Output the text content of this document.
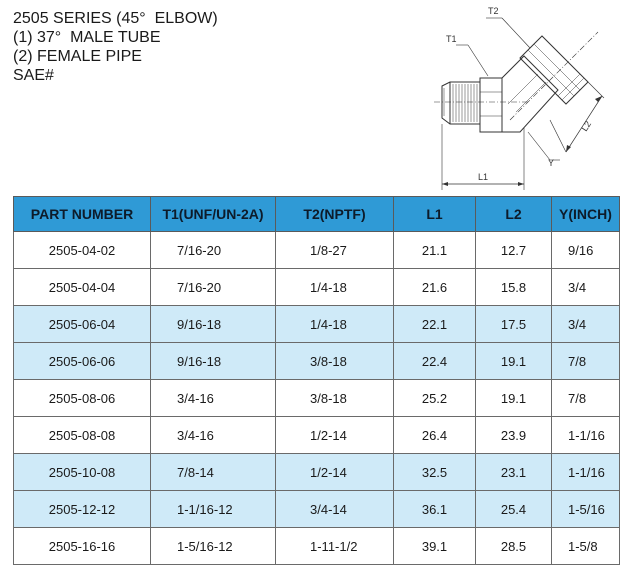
2505 SERIES (45°  ELBOW)
(1) 37°  MALE TUBE
(2) FEMALE PIPE
SAE#
L1
L2
Y
T1
T2
PART NUMBER	T1(UNF/UN-2A)	T2(NPTF)	L1	L2	Y(INCH)
2505-04-02	7/16-20	1/8-27	21.1	12.7	9/16
2505-04-04	7/16-20	1/4-18	21.6	15.8	3/4
2505-06-04	9/16-18	1/4-18	22.1	17.5	3/4
2505-06-06	9/16-18	3/8-18	22.4	19.1	7/8
2505-08-06	3/4-16	3/8-18	25.2	19.1	7/8
2505-08-08	3/4-16	1/2-14	26.4	23.9	1-1/16
2505-10-08	7/8-14	1/2-14	32.5	23.1	1-1/16
2505-12-12	1-1/16-12	3/4-14	36.1	25.4	1-5/16
2505-16-16	1-5/16-12	1-11-1/2	39.1	28.5	1-5/8
